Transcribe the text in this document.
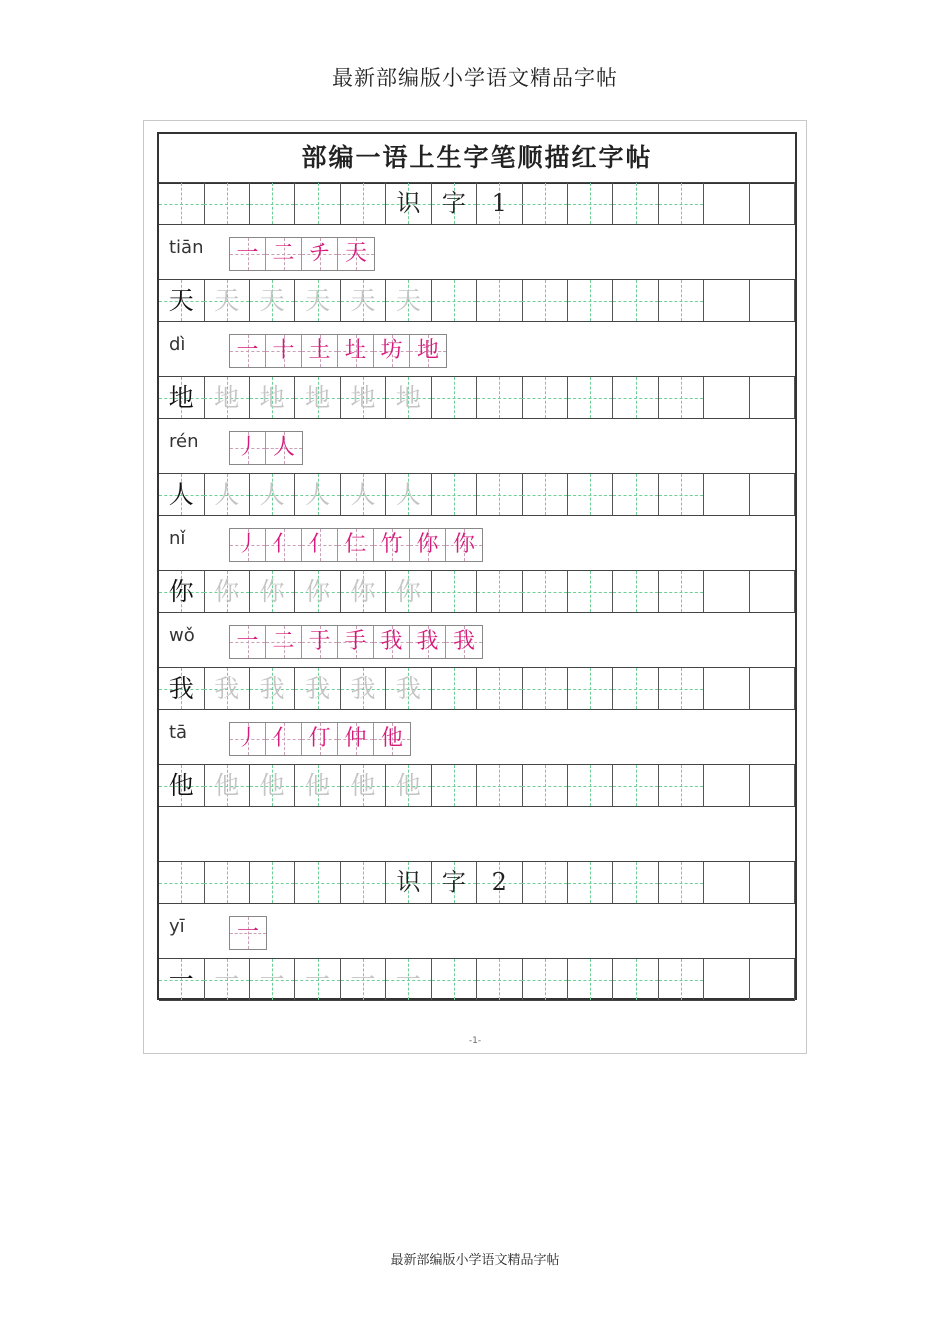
最新部编版小学语文精品字帖
部编一语上生字笔顺描红字帖
识 字	1
tiān 一 二 チ 天
天 天 天 天 天 天
dì 一 十 土 圵 坊 地
地 地 地 地 地 地
rén 丿 人
人 人 人 人 人 人
nǐ 丿 亻 亻 仁 竹 你 你
你 你 你 你 你 你
wǒ 一 二 于 手 我 我 我
我 我 我 我 我 我
tā 丿 亻 仃 仲 他
他 他 他 他 他 他
识 字	2
yī	一
一 一 一 一 一 一
-1-
最新部编版小学语文精品字帖
